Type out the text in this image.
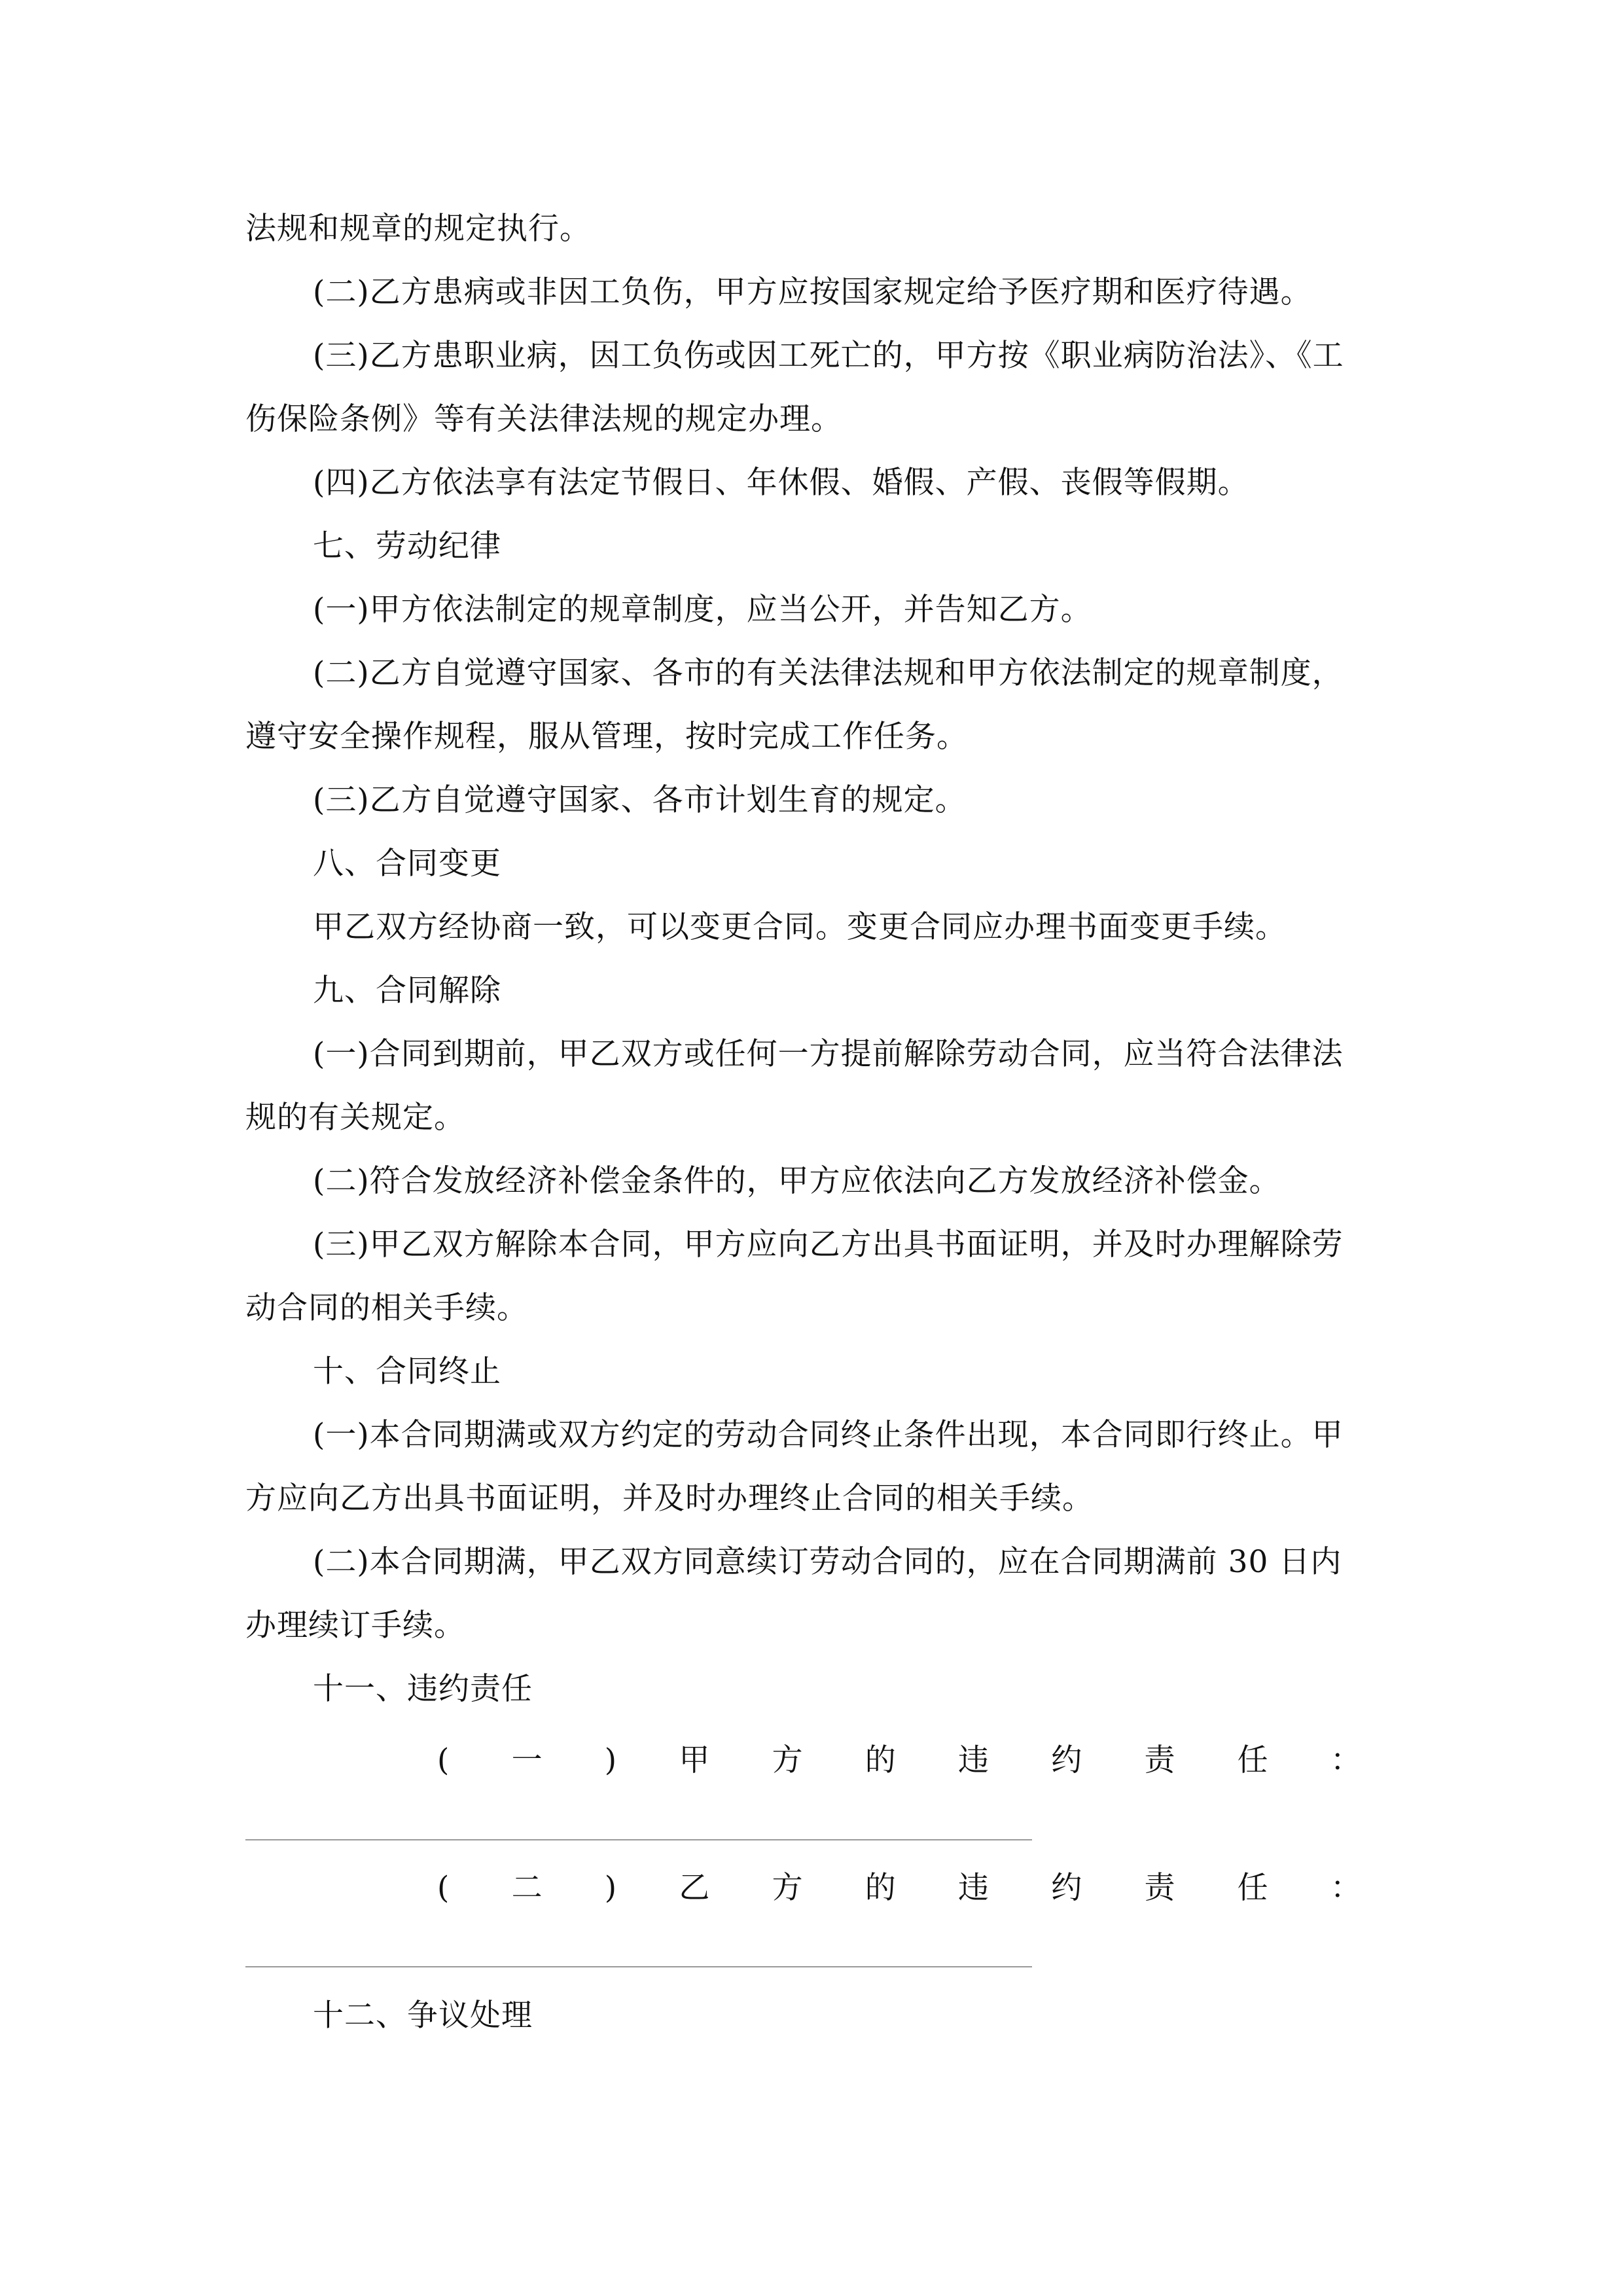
法规和规章的规定执行。
(二)乙方患病或非因工负伤，甲方应按国家规定给予医疗期和医疗待遇。
(三)乙方患职业病，因工负伤或因工死亡的，甲方按《职业病防治法》、《工
伤保险条例》等有关法律法规的规定办理。
(四)乙方依法享有法定节假日、年休假、婚假、产假、丧假等假期。
七、劳动纪律
(一)甲方依法制定的规章制度，应当公开，并告知乙方。
(二)乙方自觉遵守国家、各市的有关法律法规和甲方依法制定的规章制度，
遵守安全操作规程，服从管理，按时完成工作任务。
(三)乙方自觉遵守国家、各市计划生育的规定。
八、合同变更
甲乙双方经协商一致，可以变更合同。变更合同应办理书面变更手续。
九、合同解除
(一)合同到期前，甲乙双方或任何一方提前解除劳动合同，应当符合法律法
规的有关规定。
(二)符合发放经济补偿金条件的，甲方应依法向乙方发放经济补偿金。
(三)甲乙双方解除本合同，甲方应向乙方出具书面证明，并及时办理解除劳
动合同的相关手续。
十、合同终止
(一)本合同期满或双方约定的劳动合同终止条件出现，本合同即行终止。甲
方应向乙方出具书面证明，并及时办理终止合同的相关手续。
(二)本合同期满，甲乙双方同意续订劳动合同的，应在合同期满前 30 日内
办理续订手续。
十一、违约责任
( 一 ) 甲 方 的 违 约 责 任 ：
( 二 ) 乙 方 的 违 约 责 任 ：
十二、争议处理
